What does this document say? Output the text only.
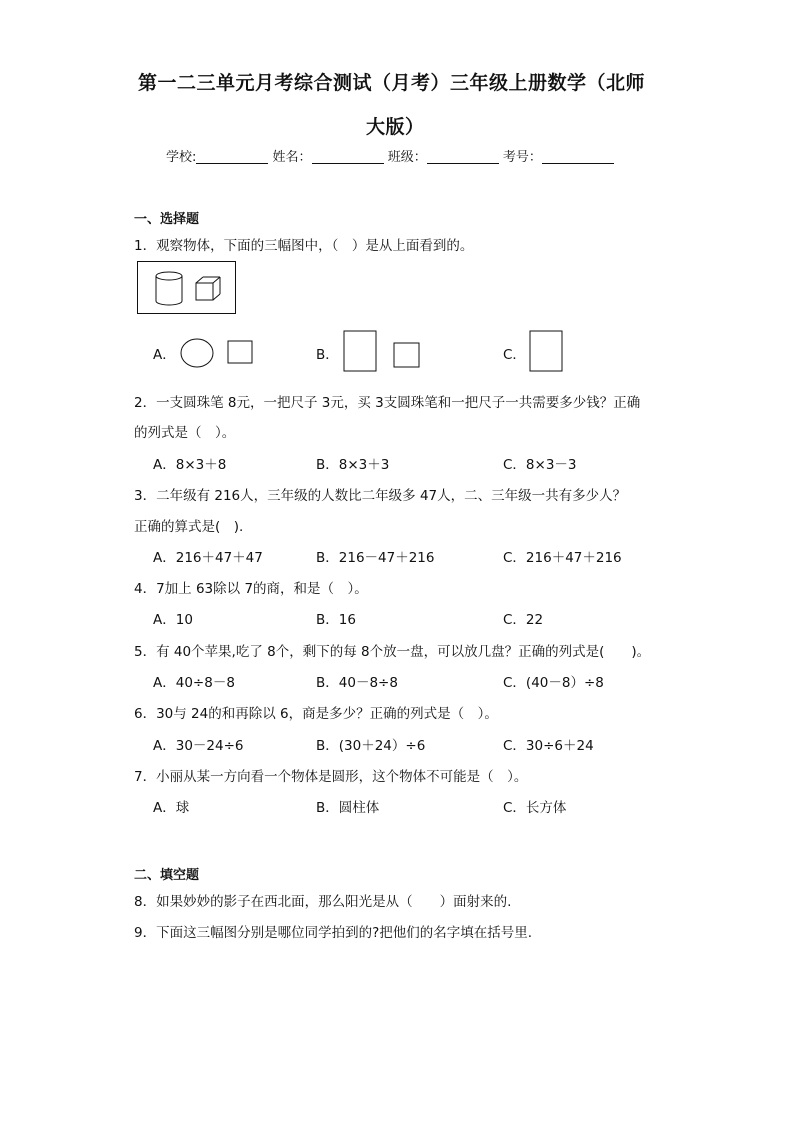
第一二三单元月考综合测试（月考）三年级上册数学（北师
大版）
学校:	姓名：	班级：	考号：
一、选择题
1．观察物体，下面的三幅图中，（　）是从上面看到的。
A．	B．	C．
2．一支圆珠笔 8元，一把尺子 3元，买 3支圆珠笔和一把尺子一共需要多少钱？正确
的列式是（　）。
A．8×3＋8	B．8×3＋3	C．8×3－3
3．二年级有 216人，三年级的人数比二年级多 47人，二、三年级一共有多少人？
正确的算式是(　).
A．216＋47＋47	B．216－47＋216	C．216＋47＋216
4．7加上 63除以 7的商，和是（　）。
A．10	B．16	C．22
5．有 40个苹果,吃了 8个，剩下的每 8个放一盘，可以放几盘？正确的列式是(　　)。
A．40÷8－8	B．40－8÷8	C．(40－8）÷8
6．30与 24的和再除以 6，商是多少？正确的列式是（　）。
A．30－24÷6	B．(30＋24）÷6	C．30÷6＋24
7．小丽从某一方向看一个物体是圆形，这个物体不可能是（　）。
A．球	B．圆柱体	C．长方体
二、填空题
8．如果妙妙的影子在西北面，那么阳光是从（　　）面射来的.
9．下面这三幅图分别是哪位同学拍到的?把他们的名字填在括号里.
